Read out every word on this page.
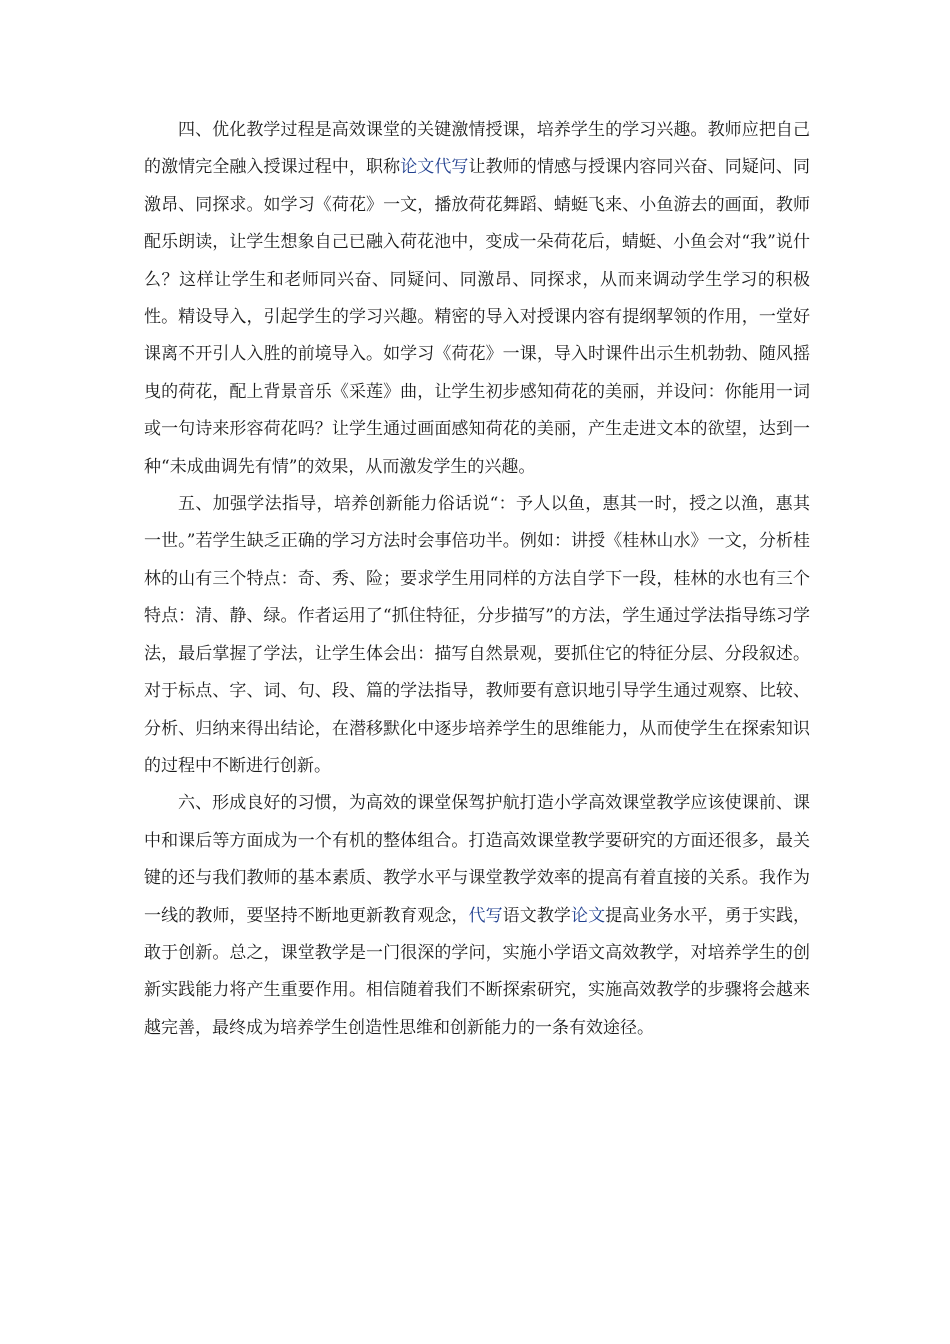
四、优化教学过程是高效课堂的关键激情授课，培养学生的学习兴趣。教师应把自己的激情完全融入授课过程中，职称论文代写让教师的情感与授课内容同兴奋、同疑问、同激昂、同探求。如学习《荷花》一文，播放荷花舞蹈、蜻蜓飞来、小鱼游去的画面，教师配乐朗读，让学生想象自己已融入荷花池中，变成一朵荷花后，蜻蜓、小鱼会对“我”说什么？这样让学生和老师同兴奋、同疑问、同激昂、同探求，从而来调动学生学习的积极性。精设导入，引起学生的学习兴趣。精密的导入对授课内容有提纲挈领的作用，一堂好课离不开引人入胜的前境导入。如学习《荷花》一课，导入时课件出示生机勃勃、随风摇曳的荷花，配上背景音乐《采莲》曲，让学生初步感知荷花的美丽，并设问：你能用一词或一句诗来形容荷花吗？让学生通过画面感知荷花的美丽，产生走进文本的欲望，达到一种“未成曲调先有情”的效果，从而激发学生的兴趣。

五、加强学法指导，培养创新能力俗话说“：予人以鱼，惠其一时，授之以渔，惠其一世。”若学生缺乏正确的学习方法时会事倍功半。例如：讲授《桂林山水》一文，分析桂林的山有三个特点：奇、秀、险；要求学生用同样的方法自学下一段，桂林的水也有三个特点：清、静、绿。作者运用了“抓住特征，分步描写”的方法，学生通过学法指导练习学法，最后掌握了学法，让学生体会出：描写自然景观，要抓住它的特征分层、分段叙述。对于标点、字、词、句、段、篇的学法指导，教师要有意识地引导学生通过观察、比较、分析、归纳来得出结论，在潜移默化中逐步培养学生的思维能力，从而使学生在探索知识的过程中不断进行创新。

六、形成良好的习惯，为高效的课堂保驾护航打造小学高效课堂教学应该使课前、课中和课后等方面成为一个有机的整体组合。打造高效课堂教学要研究的方面还很多，最关键的还与我们教师的基本素质、教学水平与课堂教学效率的提高有着直接的关系。我作为一线的教师，要坚持不断地更新教育观念，代写语文教学论文提高业务水平，勇于实践，敢于创新。总之，课堂教学是一门很深的学问，实施小学语文高效教学，对培养学生的创新实践能力将产生重要作用。相信随着我们不断探索研究，实施高效教学的步骤将会越来越完善，最终成为培养学生创造性思维和创新能力的一条有效途径。
